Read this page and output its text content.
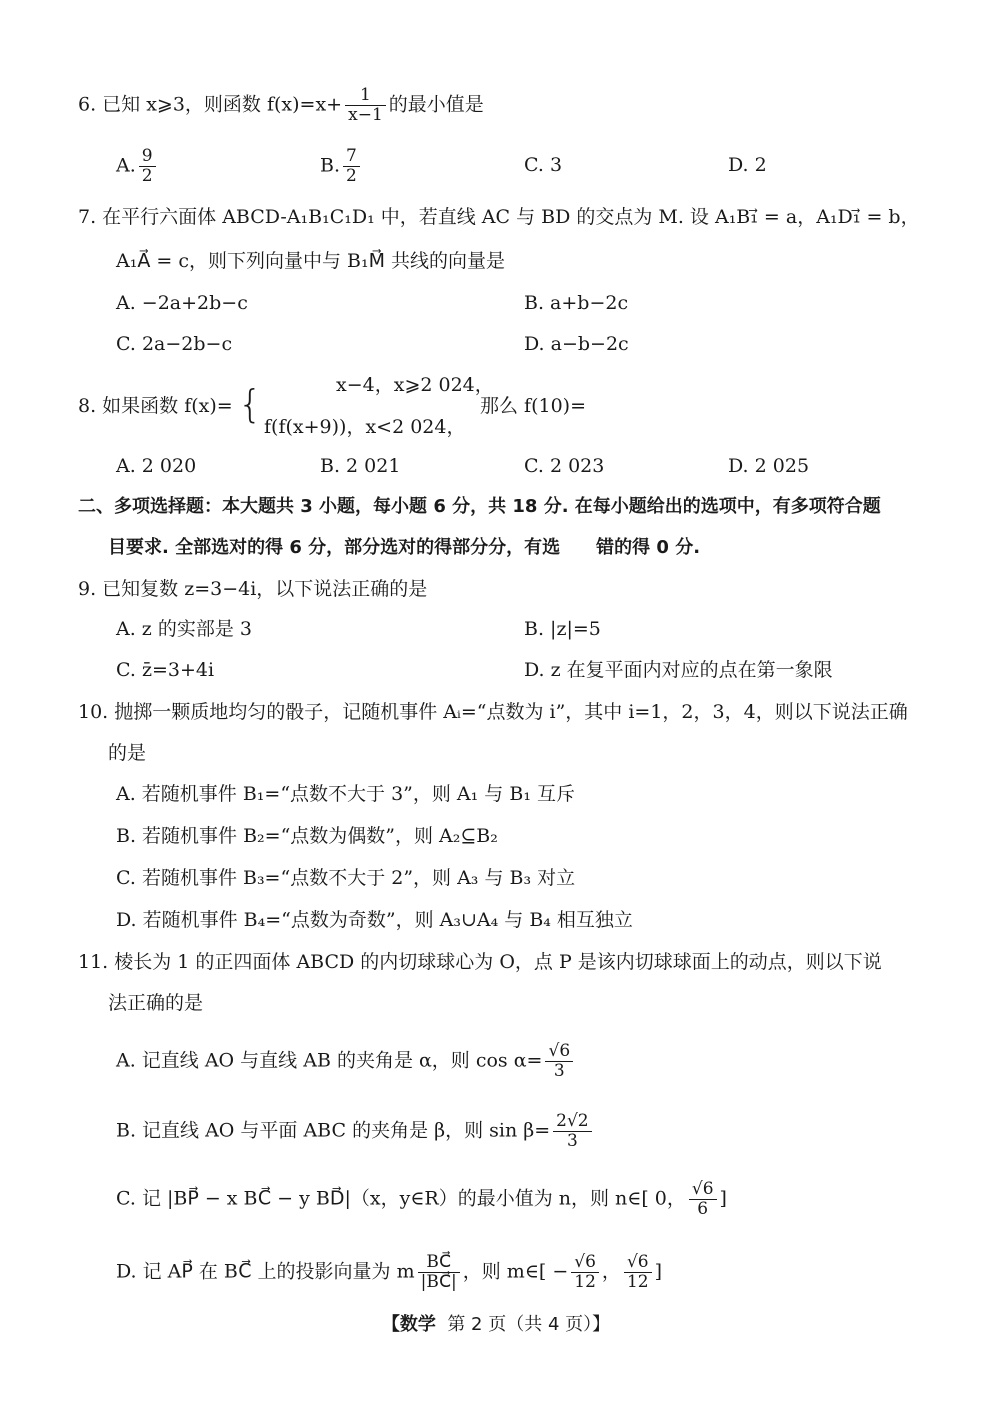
6. 已知 x⩾3，则函数 $f(x)=x+ \frac{1}{x-1}$ 的最小值是
A. $\frac{9}{2}$	B. $\frac{7}{2}$	C. 3	D. 2
7. 在平行六面体 ABCD-A₁B₁C₁D₁ 中，若直线 AC 与 BD 的交点为 M. 设 A₁B₁⃗ = a，A₁D₁⃗ = b，
A₁A⃗ = c，则下列向量中与 B₁M⃗ 共线的向量是
A. −2a+2b−c	B. a+b−2c
C. 2a−2b−c	D. a−b−2c
8. 如果函数 f(x)= {	x−4，x⩾2 024，
f(f(x+9))，x<2 024，
那么 f(10)=
A. 2 020	B. 2 021	C. 2 023	D. 2 025
二、多项选择题：本大题共 3 小题，每小题 6 分，共 18 分. 在每小题给出的选项中，有多项符合题
目要求. 全部选对的得 6 分，部分选对的得部分分，有选　　错的得 0 分.
9. 已知复数 z=3−4i，以下说法正确的是
A. z 的实部是 3	B. |z|=5
C. z̄=3+4i	D. z 在复平面内对应的点在第一象限
10. 抛掷一颗质地均匀的骰子，记随机事件 Aᵢ=“点数为 i”，其中 i=1，2，3，4，则以下说法正确
的是
A. 若随机事件 B₁=“点数不大于 3”，则 A₁ 与 B₁ 互斥
B. 若随机事件 B₂=“点数为偶数”，则 A₂⊆B₂
C. 若随机事件 B₃=“点数不大于 2”，则 A₃ 与 B₃ 对立
D. 若随机事件 B₄=“点数为奇数”，则 A₃∪A₄ 与 B₄ 相互独立
11. 棱长为 1 的正四面体 ABCD 的内切球球心为 O，点 P 是该内切球球面上的动点，则以下说
法正确的是
A. 记直线 AO 与直线 AB 的夹角是 α，则 $\cos \alpha= \frac{√6}{3}$
B. 记直线 AO 与平面 ABC 的夹角是 β，则 $\sin \beta= \frac{2√2}{3}$
C. 记 |BP⃗ − x BC⃗ − y BD⃗|（x，y∈R）的最小值为 n，则 n∈[ 0， $\frac{√6}{6}$ ]
D. 记 AP⃗ 在 BC⃗ 上的投影向量为 m $\frac{BC⃗}{|BC⃗|}$ ，则 m∈[ − $\frac{√6}{12}$ ， $\frac{√6}{12}$ ]
【数学 第 2 页（共 4 页）】
